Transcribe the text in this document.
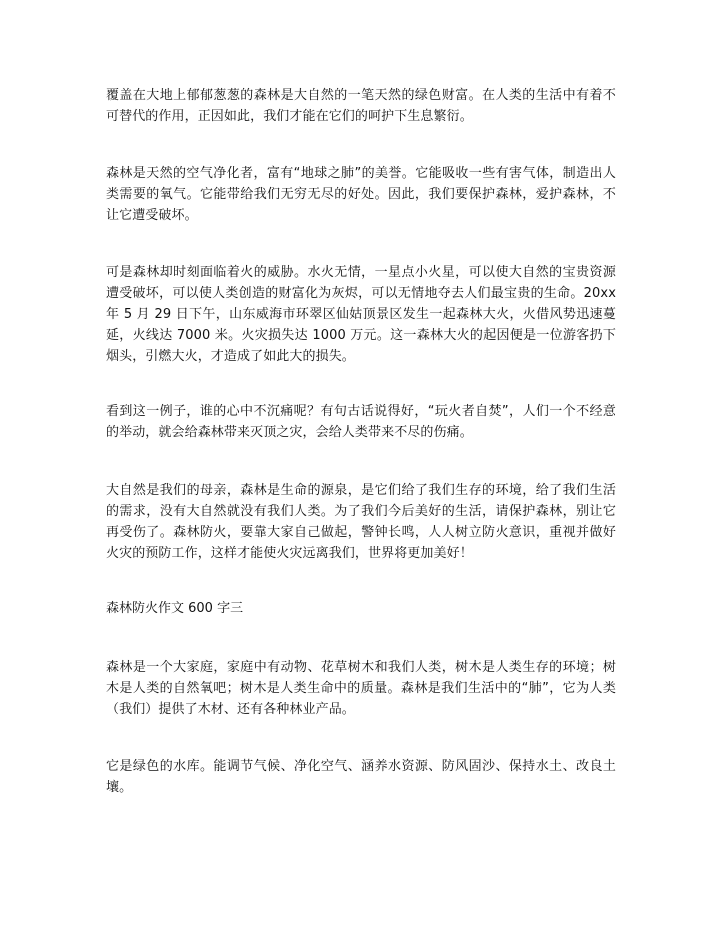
覆盖在大地上郁郁葱葱的森林是大自然的一笔天然的绿色财富。在人类的生活中有着不可替代的作用，正因如此，我们才能在它们的呵护下生息繁衍。

森林是天然的空气净化者，富有“地球之肺”的美誉。它能吸收一些有害气体，制造出人类需要的氧气。它能带给我们无穷无尽的好处。因此，我们要保护森林，爱护森林，不让它遭受破坏。

可是森林却时刻面临着火的威胁。水火无情，一星点小火星，可以使大自然的宝贵资源遭受破坏，可以使人类创造的财富化为灰烬，可以无情地夺去人们最宝贵的生命。20xx 年 5 月 29 日下午，山东威海市环翠区仙姑顶景区发生一起森林大火，火借风势迅速蔓延，火线达 7000 米。火灾损失达 1000 万元。这一森林大火的起因便是一位游客扔下烟头，引燃大火，才造成了如此大的损失。

看到这一例子，谁的心中不沉痛呢？有句古话说得好，“玩火者自焚”，人们一个不经意的举动，就会给森林带来灭顶之灾，会给人类带来不尽的伤痛。

大自然是我们的母亲，森林是生命的源泉，是它们给了我们生存的环境，给了我们生活的需求，没有大自然就没有我们人类。为了我们今后美好的生活，请保护森林，别让它再受伤了。森林防火，要靠大家自己做起，警钟长鸣，人人树立防火意识，重视并做好火灾的预防工作，这样才能使火灾远离我们，世界将更加美好！

森林防火作文 600 字三

森林是一个大家庭，家庭中有动物、花草树木和我们人类，树木是人类生存的环境；树木是人类的自然氧吧；树木是人类生命中的质量。森林是我们生活中的“肺”，它为人类（我们）提供了木材、还有各种林业产品。

它是绿色的水库。能调节气候、净化空气、涵养水资源、防风固沙、保持水土、改良土壤。
